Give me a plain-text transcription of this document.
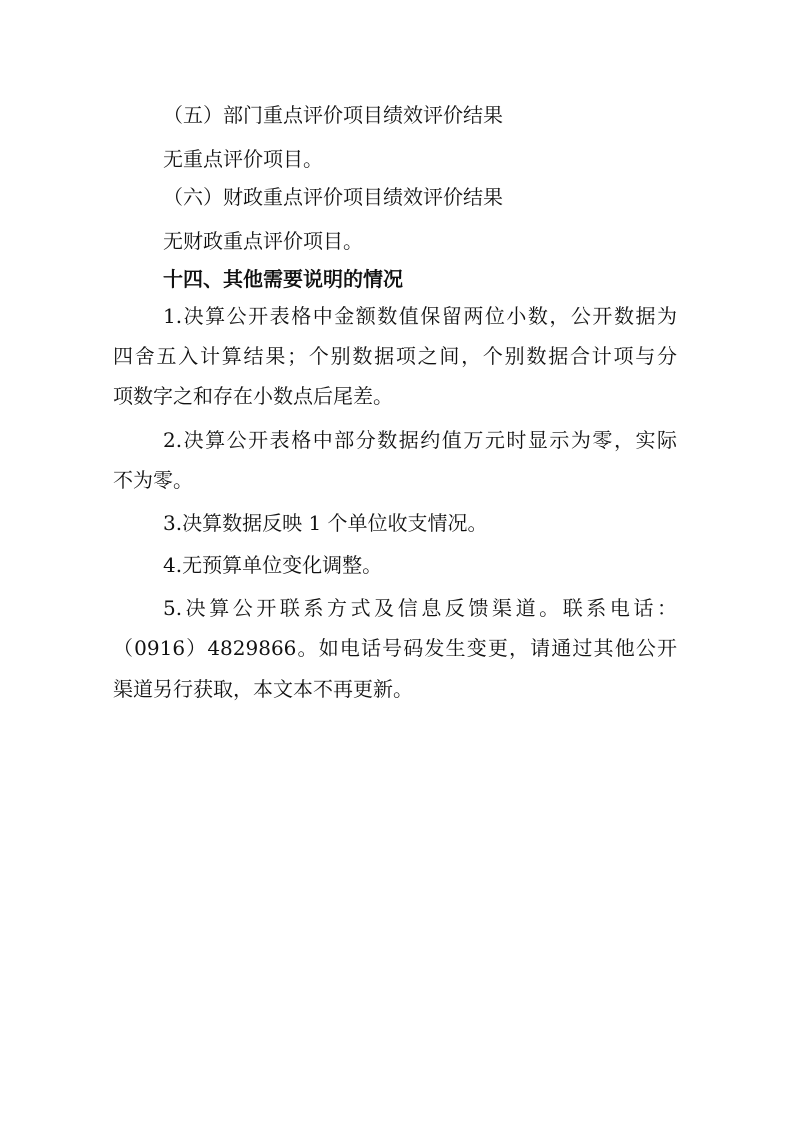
（五）部门重点评价项目绩效评价结果
无重点评价项目。
（六）财政重点评价项目绩效评价结果
无财政重点评价项目。
十四、其他需要说明的情况
1.决算公开表格中金额数值保留两位小数，公开数据为
四舍五入计算结果；个别数据项之间，个别数据合计项与分
项数字之和存在小数点后尾差。
2.决算公开表格中部分数据约值万元时显示为零，实际
不为零。
3.决算数据反映 1 个单位收支情况。
4.无预算单位变化调整。
5.决算公开联系方式及信息反馈渠道。联系电话：
（0916）4829866。如电话号码发生变更，请通过其他公开
渠道另行获取，本文本不再更新。
